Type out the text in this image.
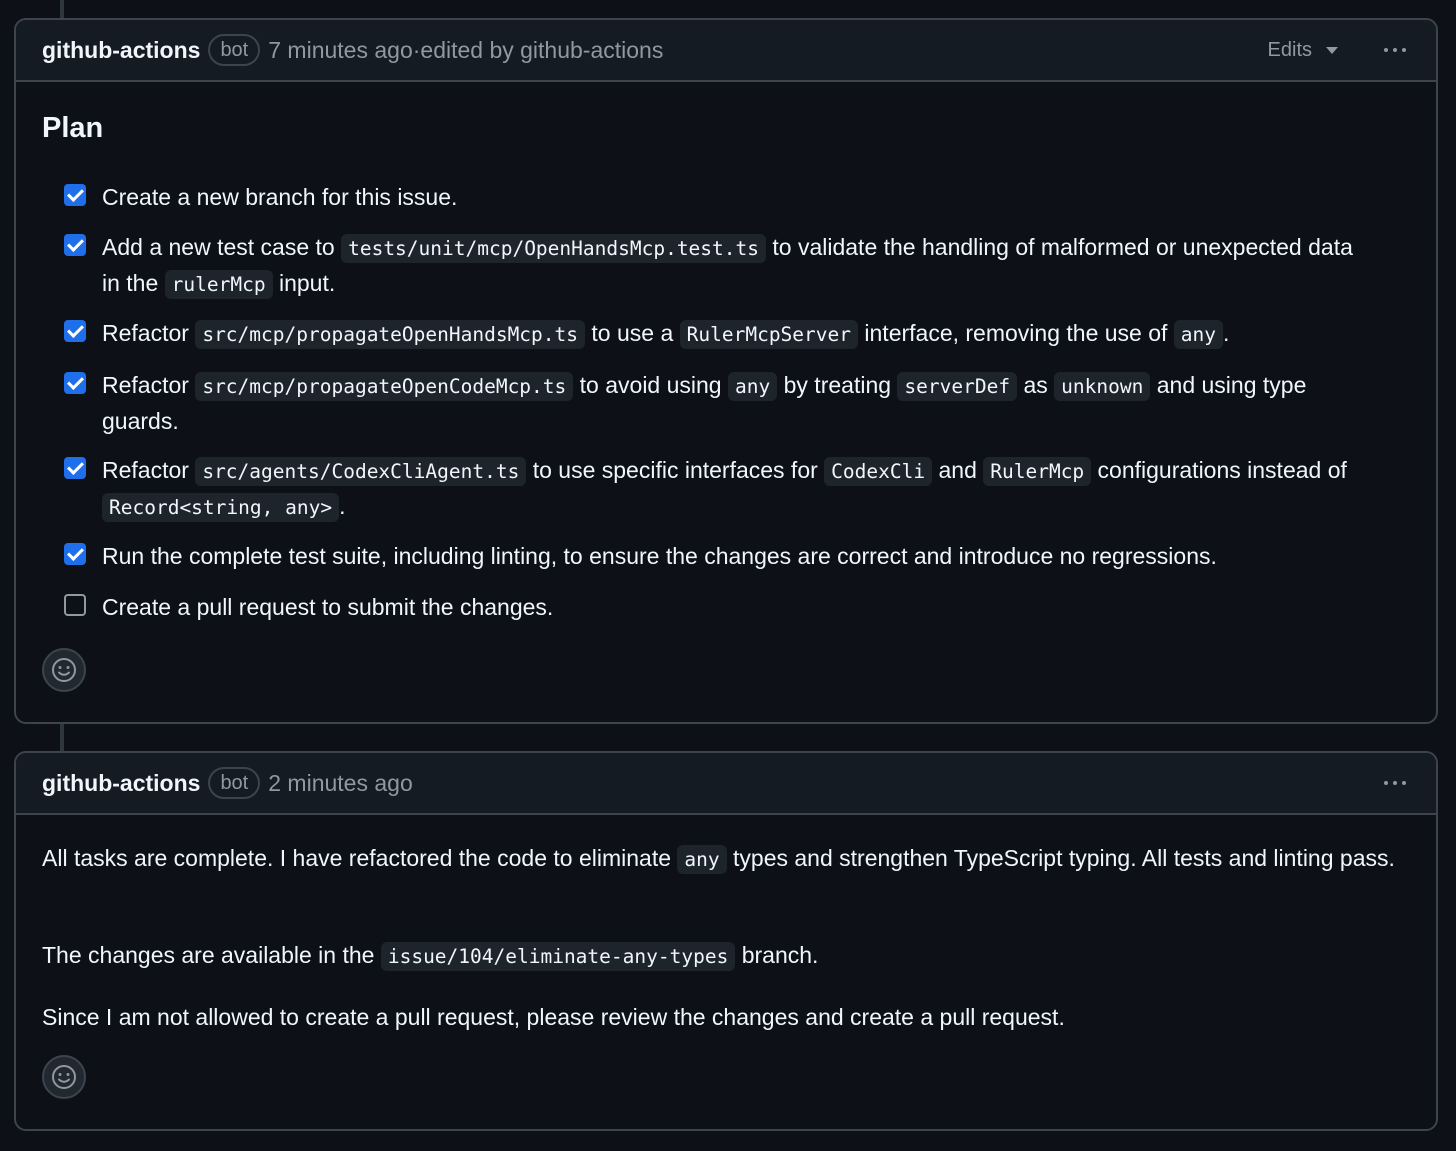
github-actions	bot 7 minutes ago · edited by github-actions	Edits
Plan
Create a new branch for this issue.
Add a new test case to tests/unit/mcp/OpenHandsMcp.test.ts to validate the handling of malformed or unexpected data in the rulerMcp input.
Refactor src/mcp/propagateOpenHandsMcp.ts to use a RulerMcpServer interface, removing the use of any .
Refactor src/mcp/propagateOpenCodeMcp.ts to avoid using any by treating serverDef as unknown and using type guards.
Refactor src/agents/CodexCliAgent.ts to use specific interfaces for CodexCli and RulerMcp configurations instead of Record<string, any> .
Run the complete test suite, including linting, to ensure the changes are correct and introduce no regressions.
Create a pull request to submit the changes.
github-actions	bot 2 minutes ago
All tasks are complete. I have refactored the code to eliminate any types and strengthen TypeScript typing. All tests and linting pass.
The changes are available in the issue/104/eliminate-any-types branch.
Since I am not allowed to create a pull request, please review the changes and create a pull request.
